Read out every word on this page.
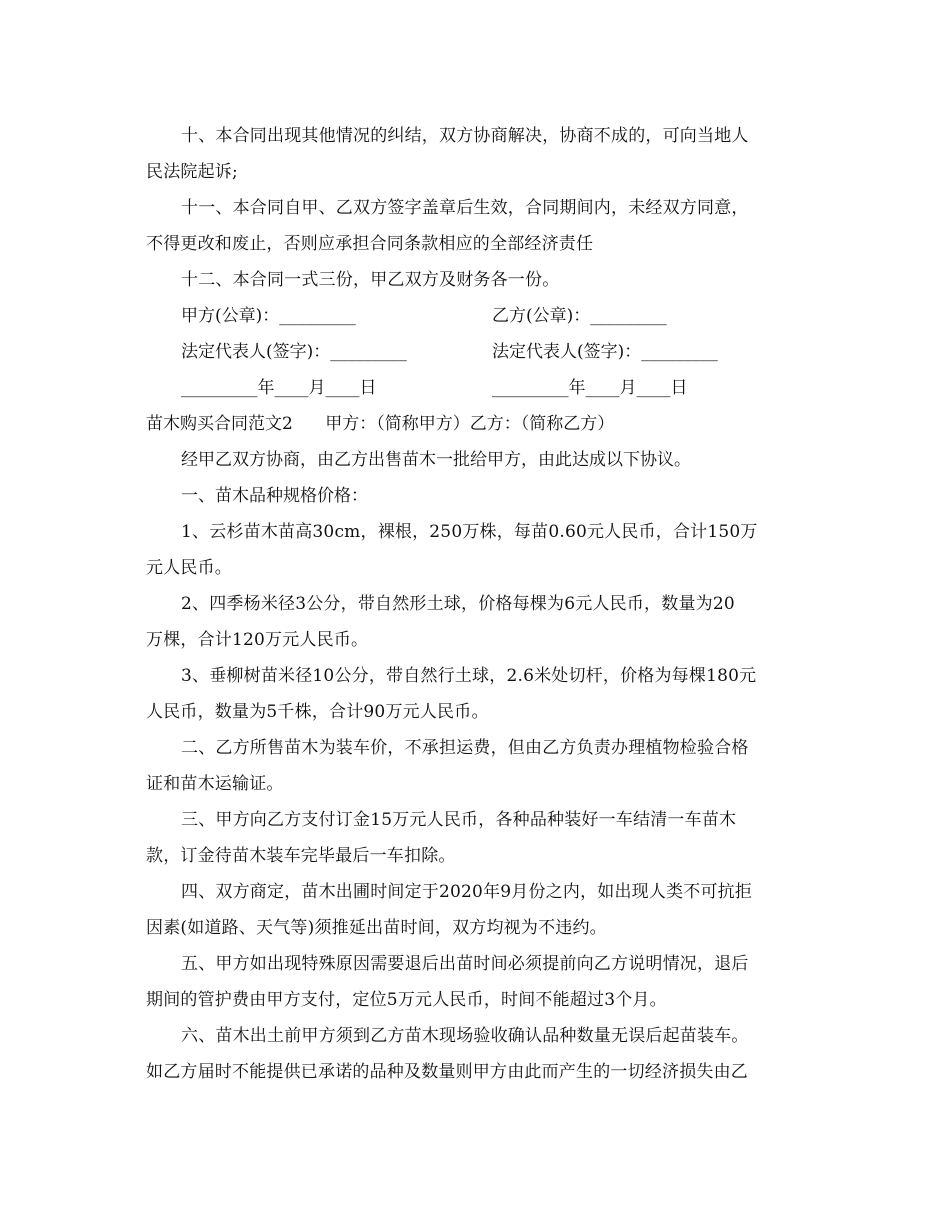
十、本合同出现其他情况的纠结，双方协商解决，协商不成的，可向当地人
民法院起诉;
十一、本合同自甲、乙双方签字盖章后生效，合同期间内，未经双方同意，
不得更改和废止，否则应承担合同条款相应的全部经济责任
十二、本合同一式三份，甲乙双方及财务各一份。
甲方(公章)：_________	乙方(公章)：_________
法定代表人(签字)：_________	法定代表人(签字)：_________
_________年____月____日	_________年____月____日
苗木购买合同范文2      甲方：（简称甲方）乙方：（简称乙方）
经甲乙双方协商，由乙方出售苗木一批给甲方，由此达成以下协议。
一、苗木品种规格价格：
1、云杉苗木苗高30cm，裸根，250万株，每苗0.60元人民币，合计150万
元人民币。
2、四季杨米径3公分，带自然形土球，价格每棵为6元人民币，数量为20
万棵，合计120万元人民币。
3、垂柳树苗米径10公分，带自然行土球，2.6米处切杆，价格为每棵180元
人民币，数量为5千株，合计90万元人民币。
二、乙方所售苗木为装车价，不承担运费，但由乙方负责办理植物检验合格
证和苗木运输证。
三、甲方向乙方支付订金15万元人民币，各种品种装好一车结清一车苗木
款，订金待苗木装车完毕最后一车扣除。
四、双方商定，苗木出圃时间定于2020年9月份之内，如出现人类不可抗拒
因素(如道路、天气等)须推延出苗时间，双方均视为不违约。
五、甲方如出现特殊原因需要退后出苗时间必须提前向乙方说明情况，退后
期间的管护费由甲方支付，定位5万元人民币，时间不能超过3个月。
六、苗木出土前甲方须到乙方苗木现场验收确认品种数量无误后起苗装车。
如乙方届时不能提供已承诺的品种及数量则甲方由此而产生的一切经济损失由乙
